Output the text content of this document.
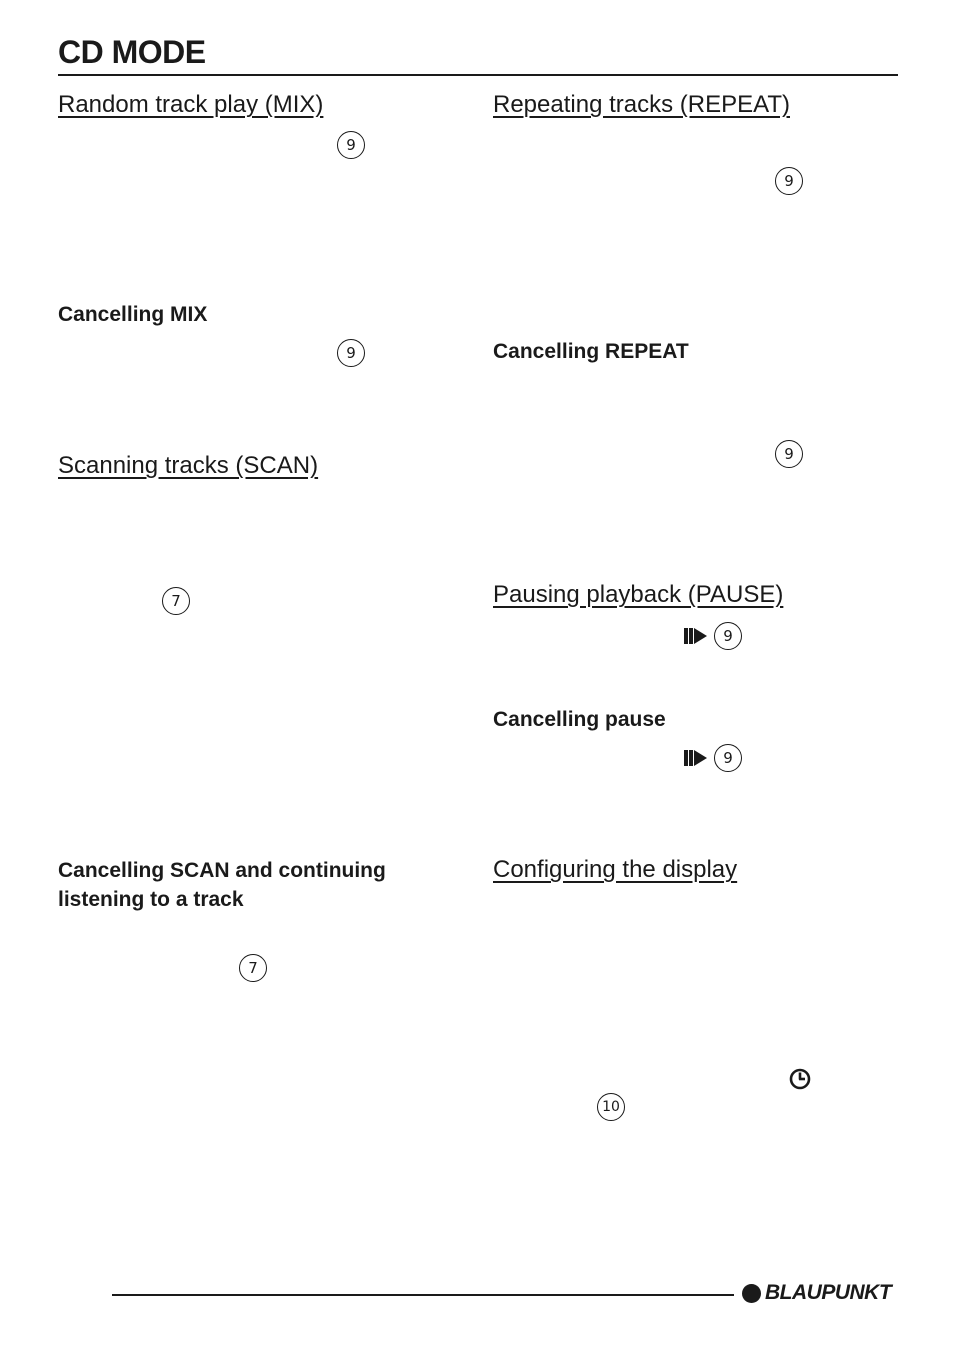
CD MODE
Random track play (MIX)
9
Cancelling MIX
9
Scanning tracks (SCAN)
7
Cancelling SCAN and continuing listening to a track
7
Repeating tracks (REPEAT)
9
Cancelling REPEAT
9
Pausing playback (PAUSE)
9
Cancelling pause
9
Configuring the display
10
BLAUPUNKT
